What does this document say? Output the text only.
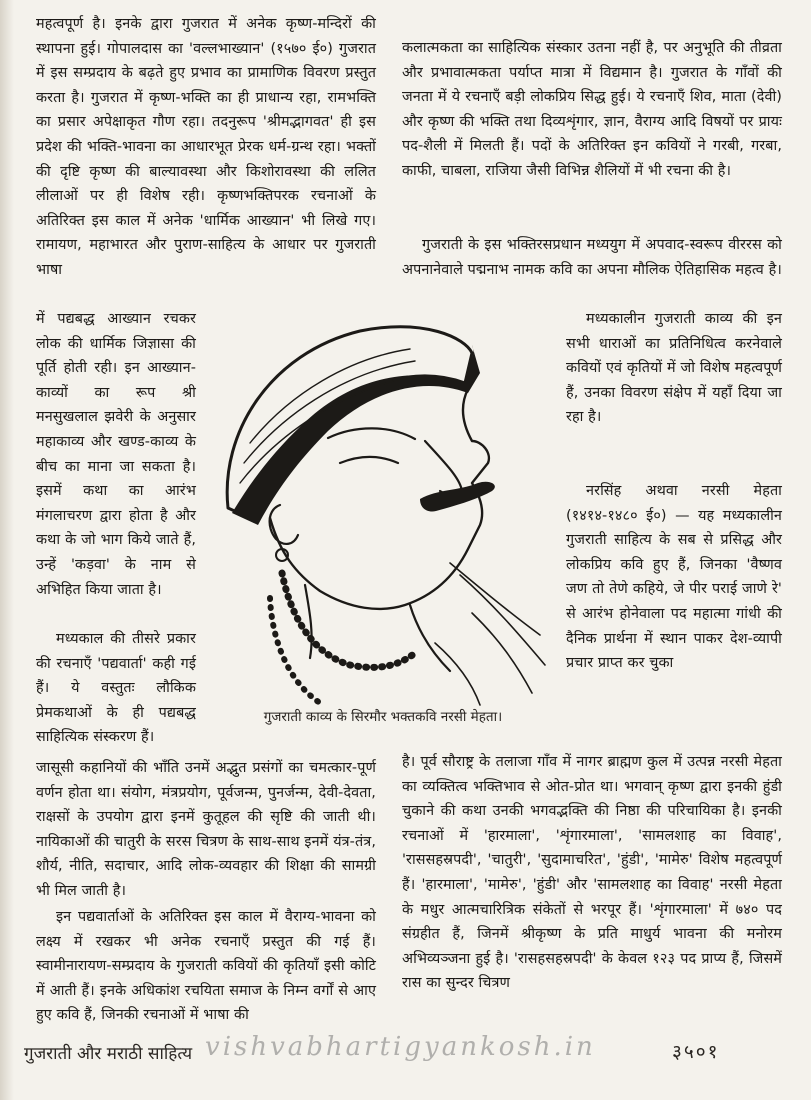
महत्वपूर्ण है। इनके द्वारा गुजरात में अनेक कृष्ण-मन्दिरों की स्थापना हुई। गोपालदास का 'वल्लभाख्यान' (१५७० ई०) गुजरात में इस सम्प्रदाय के बढ़ते हुए प्रभाव का प्रामाणिक विवरण प्रस्तुत करता है। गुजरात में कृष्ण-भक्ति का ही प्राधान्य रहा, रामभक्ति का प्रसार अपेक्षाकृत गौण रहा। तदनुरूप 'श्रीमद्भागवत' ही इस प्रदेश की भक्ति-भावना का आधारभूत प्रेरक धर्म-ग्रन्थ रहा। भक्तों की दृष्टि कृष्ण की बाल्यावस्था और किशोरावस्था की ललित लीलाओं पर ही विशेष रही। कृष्णभक्तिपरक रचनाओं के अतिरिक्त इस काल में अनेक 'धार्मिक आख्यान' भी लिखे गए। रामायण, महाभारत और पुराण-साहित्य के आधार पर गुजराती भाषा

में पद्यबद्ध आख्यान रचकर लोक की धार्मिक जिज्ञासा की पूर्ति होती रही। इन आख्यान-काव्यों का रूप श्री मनसुखलाल झवेरी के अनुसार महाकाव्य और खण्ड-काव्य के बीच का माना जा सकता है। इसमें कथा का आरंभ मंगलाचरण द्वारा होता है और कथा के जो भाग किये जाते हैं, उन्हें 'कड़वा' के नाम से अभिहित किया जाता है।

मध्यकाल की तीसरे प्रकार की रचनाएँ 'पद्यवार्ता' कही गई हैं। ये वस्तुतः लौकिक प्रेमकथाओं के ही पद्यबद्ध साहित्यिक संस्करण हैं।

जासूसी कहानियों की भाँति उनमें अद्भुत प्रसंगों का चमत्कार-पूर्ण वर्णन होता था। संयोग, मंत्रप्रयोग, पूर्वजन्म, पुनर्जन्म, देवी-देवता, राक्षसों के उपयोग द्वारा इनमें कुतूहल की सृष्टि की जाती थी। नायिकाओं की चातुरी के सरस चित्रण के साथ-साथ इनमें यंत्र-तंत्र, शौर्य, नीति, सदाचार, आदि लोक-व्यवहार की शिक्षा की सामग्री भी मिल जाती है।

इन पद्यवार्ताओं के अतिरिक्त इस काल में वैराग्य-भावना को लक्ष्य में रखकर भी अनेक रचनाएँ प्रस्तुत की गई हैं। स्वामीनारायण-सम्प्रदाय के गुजराती कवियों की कृतियाँ इसी कोटि में आती हैं। इनके अधिकांश रचयिता समाज के निम्न वर्गों से आए हुए कवि हैं, जिनकी रचनाओं में भाषा की

कलात्मकता का साहित्यिक संस्कार उतना नहीं है, पर अनुभूति की तीव्रता और प्रभावात्मकता पर्याप्त मात्रा में विद्यमान है। गुजरात के गाँवों की जनता में ये रचनाएँ बड़ी लोकप्रिय सिद्ध हुई। ये रचनाएँ शिव, माता (देवी) और कृष्ण की भक्ति तथा दिव्यशृंगार, ज्ञान, वैराग्य आदि विषयों पर प्रायः पद-शैली में मिलती हैं। पदों के अतिरिक्त इन कवियों ने गरबी, गरबा, काफी, चाबला, राजिया जैसी विभिन्न शैलियों में भी रचना की है।

गुजराती के इस भक्तिरसप्रधान मध्ययुग में अपवाद-स्वरूप वीररस को अपनानेवाले पद्मनाभ नामक कवि का अपना मौलिक ऐतिहासिक महत्व है।

मध्यकालीन गुजराती काव्य की इन सभी धाराओं का प्रतिनिधित्व करनेवाले कवियों एवं कृतियों में जो विशेष महत्वपूर्ण हैं, उनका विवरण संक्षेप में यहाँ दिया जा रहा है।

नरसिंह अथवा नरसी मेहता (१४१४-१४८० ई०) — यह मध्यकालीन गुजराती साहित्य के सब से प्रसिद्ध और लोकप्रिय कवि हुए हैं, जिनका 'वैष्णव जण तो तेणे कहिये, जे पीर पराई जाणे रे' से आरंभ होनेवाला पद महात्मा गांधी की दैनिक प्रार्थना में स्थान पाकर देश-व्यापी प्रचार प्राप्त कर चुका

है। पूर्व सौराष्ट्र के तलाजा गाँव में नागर ब्राह्मण कुल में उत्पन्न नरसी मेहता का व्यक्तित्व भक्तिभाव से ओत-प्रोत था। भगवान् कृष्ण द्वारा इनकी हुंडी चुकाने की कथा उनकी भगवद्भक्ति की निष्ठा की परिचायिका है। इनकी रचनाओं में 'हारमाला', 'शृंगारमाला', 'सामलशाह का विवाह', 'राससहस्रपदी', 'चातुरी', 'सुदामाचरित', 'हुंडी', 'मामेरु' विशेष महत्वपूर्ण हैं। 'हारमाला', 'मामेरु', 'हुंडी' और 'सामलशाह का विवाह' नरसी मेहता के मधुर आत्मचारित्रिक संकेतों से भरपूर हैं। 'शृंगारमाला' में ७४० पद संग्रहीत हैं, जिनमें श्रीकृष्ण के प्रति माधुर्य भावना की मनोरम अभिव्यञ्जना हुई है। 'रासहसहस्रपदी' के केवल १२३ पद प्राप्य हैं, जिसमें रास का सुन्दर चित्रण

गुजराती काव्य के सिरमौर भक्तकवि नरसी मेहता।
गुजराती और मराठी साहित्य vishvabhartigyankosh.in	३५०१
